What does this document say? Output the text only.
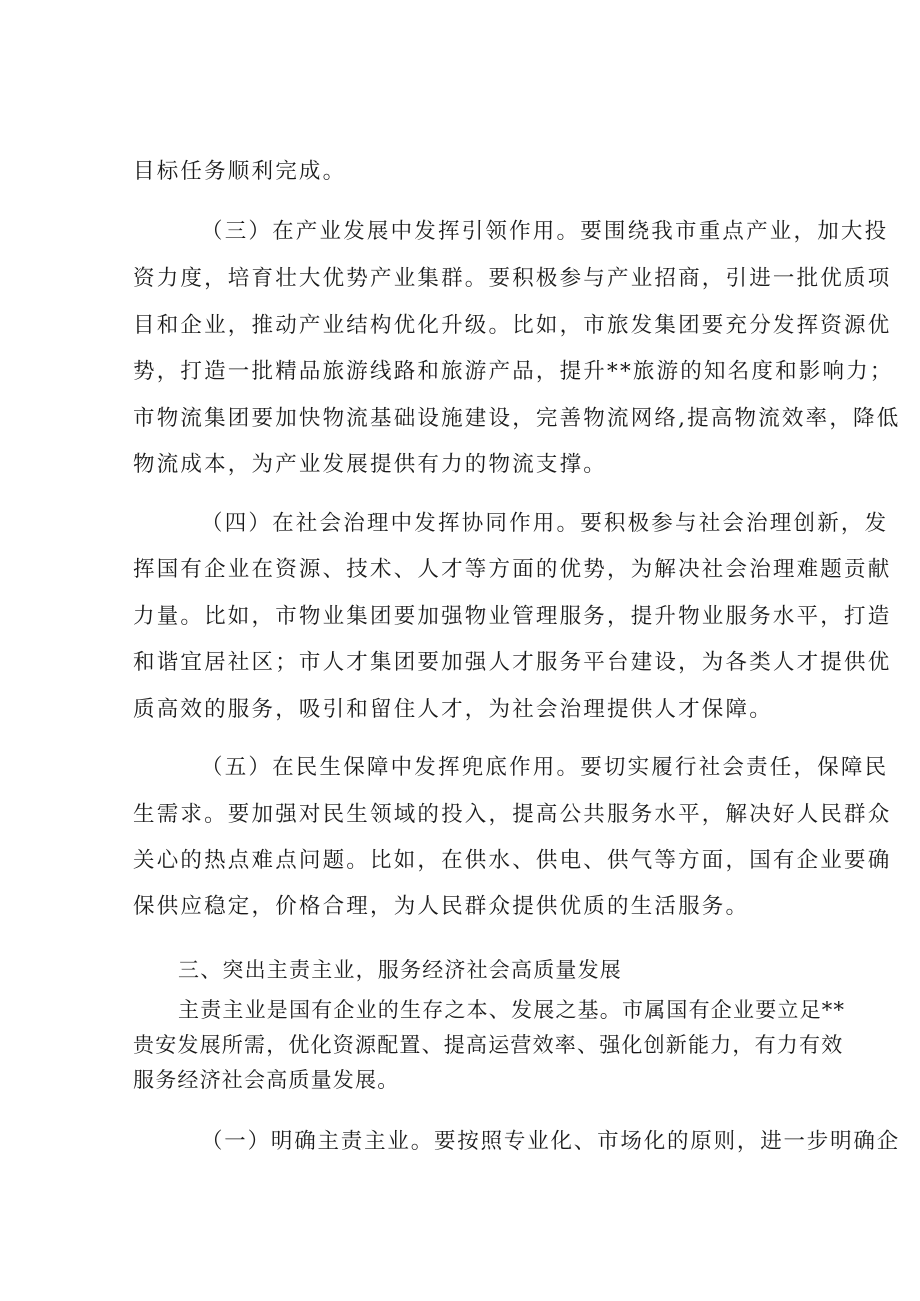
目标任务顺利完成。
（三）在产业发展中发挥引领作用。要围绕我市重点产业，加大投
资力度，培育壮大优势产业集群。要积极参与产业招商，引进一批优质项
目和企业，推动产业结构优化升级。比如，市旅发集团要充分发挥资源优
势，打造一批精品旅游线路和旅游产品，提升**旅游的知名度和影响力；
市物流集团要加快物流基础设施建设，完善物流网络,提高物流效率，降低
物流成本，为产业发展提供有力的物流支撑。
（四）在社会治理中发挥协同作用。要积极参与社会治理创新，发
挥国有企业在资源、技术、人才等方面的优势，为解决社会治理难题贡献
力量。比如，市物业集团要加强物业管理服务，提升物业服务水平，打造
和谐宜居社区；市人才集团要加强人才服务平台建设，为各类人才提供优
质高效的服务，吸引和留住人才，为社会治理提供人才保障。
（五）在民生保障中发挥兜底作用。要切实履行社会责任，保障民
生需求。要加强对民生领域的投入，提高公共服务水平，解决好人民群众
关心的热点难点问题。比如，在供水、供电、供气等方面，国有企业要确
保供应稳定，价格合理，为人民群众提供优质的生活服务。
三、突出主责主业，服务经济社会高质量发展
主责主业是国有企业的生存之本、发展之基。市属国有企业要立足**
贵安发展所需，优化资源配置、提高运营效率、强化创新能力，有力有效
服务经济社会高质量发展。
（一）明确主责主业。要按照专业化、市场化的原则，进一步明确企
